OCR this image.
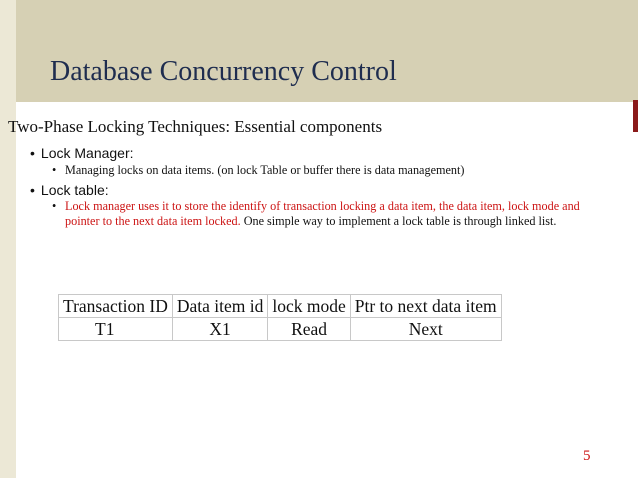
Database Concurrency Control
Two-Phase Locking Techniques: Essential components
• Lock Manager:
• Managing locks on data items. (on lock Table or buffer there is data management)
• Lock table:
• Lock manager uses it to store the identify of transaction locking a data item, the data item, lock mode and pointer to the next data item locked. One simple way to implement a lock table is through linked list.
Transaction ID	Data item id	lock mode	Ptr to next data item
T1	X1	Read	Next
5
